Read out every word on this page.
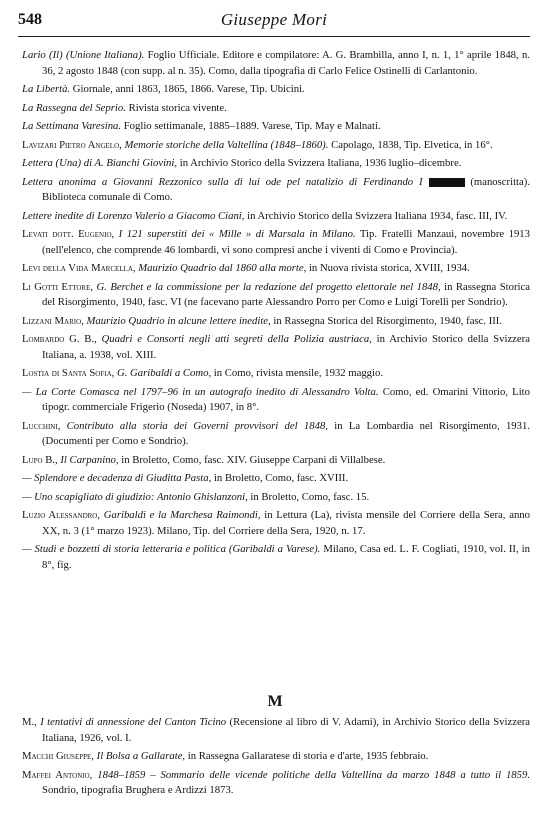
548	Giuseppe Mori
Lario (Il) (Unione Italiana). Foglio Ufficiale. Editore e compilatore: A. G. Brambilla, anno I, n. 1, 1° aprile 1848, n. 36, 2 agosto 1848 (con supp. al n. 35). Como, dalla tipografia di Carlo Felice Ostinelli di Carlantonio.
La Libertà. Giornale, anni 1863, 1865, 1866. Varese, Tip. Ubicini.
La Rassegna del Seprio. Rivista storica vivente.
La Settimana Varesina. Foglio settimanale, 1885–1889. Varese, Tip. May e Malnati.
Lavizari Pietro Angelo, Memorie storiche della Valtellina (1848–1860). Capolago, 1838, Tip. Elvetica, in 16°.
Lettera (Una) di A. Bianchi Giovini, in Archivio Storico della Svizzera Italiana, 1936 luglio–dicembre.
Lettera anonima a Giovanni Rezzonico sulla di lui ode pel natalizio di Ferdinando I	(manoscritta). Biblioteca comunale di Como.
Lettere inedite di Lorenzo Valerio a Giacomo Ciani, in Archivio Storico della Svizzera Italiana 1934, fasc. III, IV.
Levati dott. Eugenio, I 121 superstiti dei « Mille » di Marsala in Milano. Tip. Fratelli Manzaui, novembre 1913 (nell'elenco, che comprende 46 lombardi, vi sono compresi anche i viventi di Como e Provincia).
Levi della Vida Marcella, Maurizio Quadrio dal 1860 alla morte, in Nuova rivista storica, XVIII, 1934.
Li Gotti Ettore, G. Berchet e la commissione per la redazione del progetto elettorale nel 1848, in Rassegna Storica del Risorgimento, 1940, fasc. VI (ne facevano parte Alessandro Porro per Como e Luigi Torelli per Sondrio).
Lizzani Mario, Maurizio Quadrio in alcune lettere inedite, in Rassegna Storica del Risorgimento, 1940, fasc. III.
Lombardo G. B., Quadri e Consorti negli atti segreti della Polizia austriaca, in Archivio Storico della Svizzera Italiana, a. 1938, vol. XIII.
Lostia di Santa Sofia, G. Garibaldi a Como, in Como, rivista mensile, 1932 maggio.
— La Corte Comasca nel 1797–96 in un autografo inedito di Alessandro Volta. Como, ed. Omarini Vittorio, Lito tipogr. commerciale Frigerio (Noseda) 1907, in 8°.
Lucchini, Contributo alla storia dei Governi provvisori del 1848, in La Lombardia nel Risorgimento, 1931. (Documenti per Como e Sondrio).
Lupo B., Il Carpanino, in Broletto, Como, fasc. XIV. Giuseppe Carpani di Villalbese.
— Splendore e decadenza di Giuditta Pasta, in Broletto, Como, fasc. XVIII.
— Uno scapigliato di giudizio: Antonio Ghislanzoni, in Broletto, Como, fasc. 15.
Luzio Alessandro, Garibaldi e la Marchesa Raimondi, in Lettura (La), rivista mensile del Corriere della Sera, anno XX, n. 3 (1° marzo 1923). Milano, Tip. del Corriere della Sera, 1920, n. 17.
— Studi e bozzetti di storia letteraria e politica (Garibaldi a Varese). Milano, Casa ed. L. F. Cogliati, 1910, vol. II, in 8°, fig.
M
M., I tentativi di annessione del Canton Ticino (Recensione al libro di V. Adami), in Archivio Storico della Svizzera Italiana, 1926, vol. I.
Macchi Giuseppe, Il Bolsa a Gallarate, in Rassegna Gallaratese di storia e d'arte, 1935 febbraio.
Maffei Antonio, 1848–1859 – Sommario delle vicende politiche della Valtellina da marzo 1848 a tutto il 1859. Sondrio, tipografia Brughera e Ardizzi 1873.
